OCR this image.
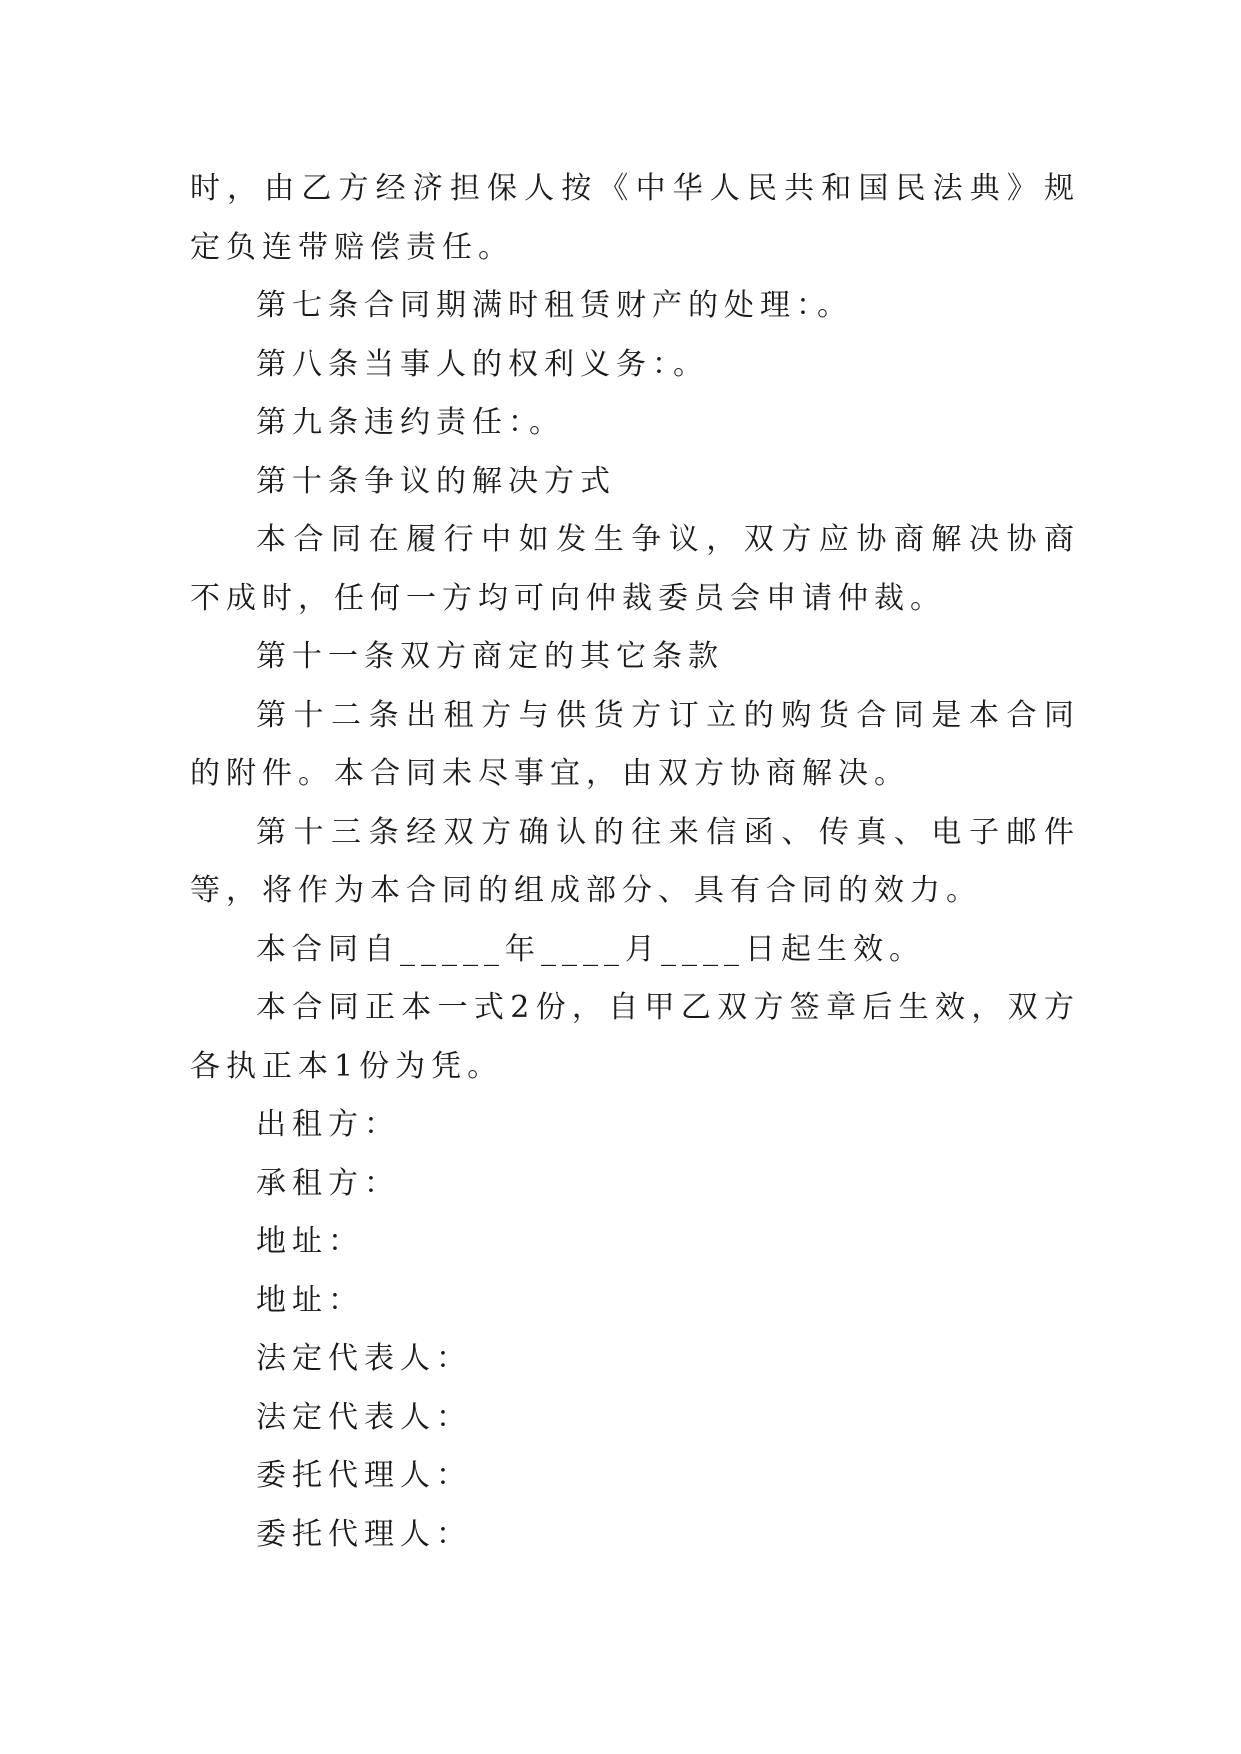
时，由乙方经济担保人按《中华人民共和国民法典》规定负连带赔偿责任。

第七条合同期满时租赁财产的处理：。

第八条当事人的权利义务：。

第九条违约责任：。

第十条争议的解决方式

本合同在履行中如发生争议，双方应协商解决协商不成时，任何一方均可向仲裁委员会申请仲裁。

第十一条双方商定的其它条款

第十二条出租方与供货方订立的购货合同是本合同的附件。本合同未尽事宜，由双方协商解决。

第十三条经双方确认的往来信函、传真、电子邮件等，将作为本合同的组成部分、具有合同的效力。

本合同自_____年____月____日起生效。

本合同正本一式2份，自甲乙双方签章后生效，双方各执正本1份为凭。

出租方：

承租方：

地址：

地址：

法定代表人：

法定代表人：

委托代理人：

委托代理人：
